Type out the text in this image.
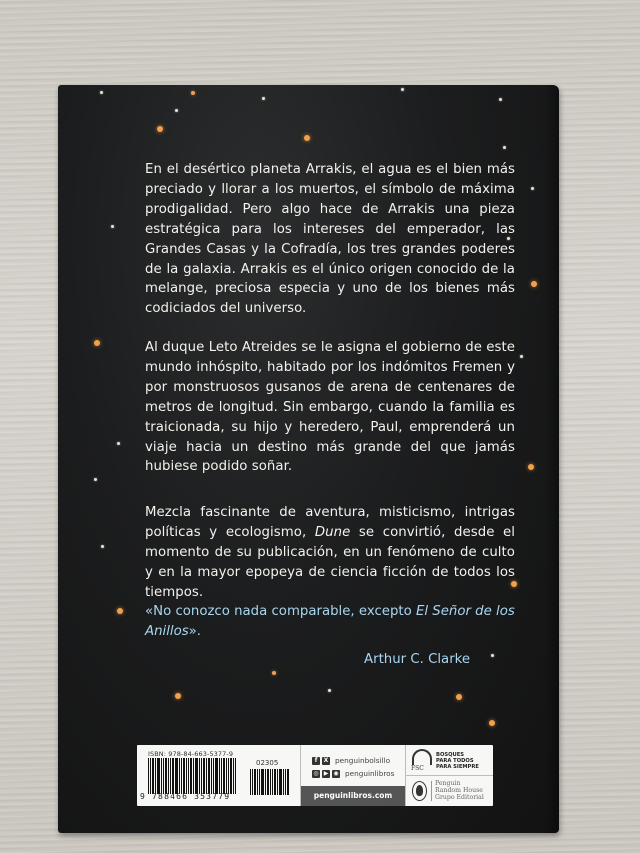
En el desértico planeta Arrakis, el agua es el bien más preciado y llorar a los muertos, el símbolo de máxima prodigalidad. Pero algo hace de Arrakis una pieza estratégica para los intereses del emperador, las Grandes Casas y la Cofradía, los tres grandes poderes de la galaxia. Arrakis es el único origen conocido de la melange, preciosa especia y uno de los bienes más codiciados del universo.
Al duque Leto Atreides se le asigna el gobierno de este mundo inhóspito, habitado por los indómitos Fremen y por monstruosos gusanos de arena de centenares de metros de longitud. Sin embargo, cuando la familia es traicionada, su hijo y heredero, Paul, emprenderá un viaje hacia un destino más grande del que jamás hubiese podido soñar.
Mezcla fascinante de aventura, misticismo, intrigas políticas y ecologismo, Dune se convirtió, desde el momento de su publicación, en un fenómeno de culto y en la mayor epopeya de ciencia ficción de todos los tiempos.
«No conozco nada comparable, excepto El Señor de los Anillos».
Arthur C. Clarke
ISBN: 978-84-663-5377-9
9 788466 353779
02305	f	X penguinbolsillo
◎ ▶ ◉ penguinlibros
penguinlibros.com
FSC
BOSQUES
PARA TODOS
PARA SIEMPRE
Penguin
Random House
Grupo Editorial
